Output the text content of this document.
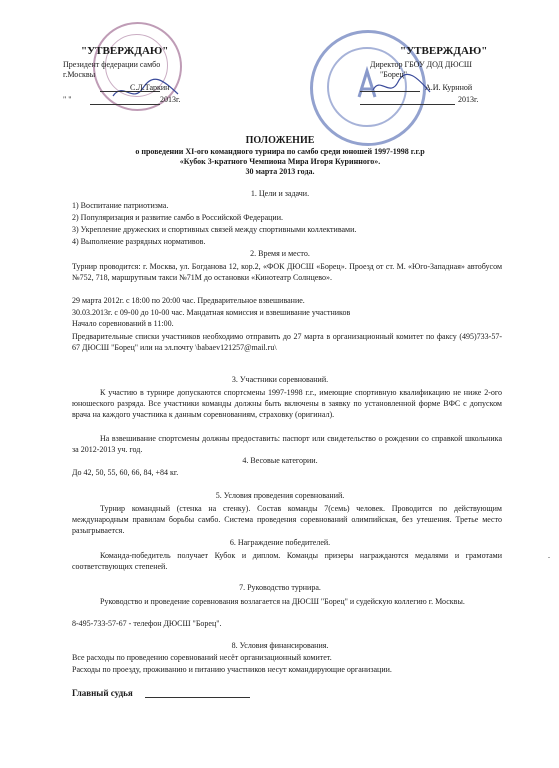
"УТВЕРЖДАЮ"
Президент федерации самбо
г.Москвы
С.Л.Таркин
" "	2013г.
"УТВЕРЖДАЮ"
Директор ГБОУ ДОД ДЮСШ
"Борец"
А.И. Курнной
2013г.
ПОЛОЖЕНИЕ
о проведении XI-ого командного турнира по самбо среди юношей 1997-1998 г.г.р
«Кубок 3-кратного Чемпиона Мира Игоря Куринного».
30 марта 2013 года.
1. Цели и задачи.
1) Воспитание патриотизма.
2) Популяризация и развитие самбо в Российской Федерации.
3) Укрепление дружеских и спортивных связей между спортивными коллективами.
4) Выполнение разрядных нормативов.
2. Время и место.
Турнир проводится: г. Москва, ул. Богданова 12, кор.2, «ФОК ДЮСШ «Борец». Проезд от ст. М. «Юго-Западная» автобусом №752, 718, маршрутным такси №71М до остановки «Кинотеатр Солнцево».
29 марта 2012г. с 18:00 по 20:00 час. Предварительное взвешивание.
30.03.2013г. с 09-00 до 10-00 час. Мандатная комиссия и взвешивание участников
Начало соревнований в 11:00.
Предварительные списки участников необходимо отправить до 27 марта в организационный комитет по факсу (495)733-57-67 ДЮСШ "Борец" или на эл.почту \babaev121257@mail.ru\
3. Участники соревнований.
К участию в турнире допускаются спортсмены 1997-1998 г.г., имеющие спортивную квалификацию не ниже 2-ого юношеского разряда. Все участники команды должны быть включены в заявку по установленной форме ВФС с допуском врача на каждого участника к данным соревнованиям, страховку (оригинал).
На взвешивание спортсмены должны предоставить: паспорт или свидетельство о рождении со справкой школьника за 2012-2013 уч. год.
4. Весовые категории.
До 42, 50, 55, 60, 66, 84, +84 кг.
5. Условия проведения соревнований.
Турнир командный (стенка на стенку). Состав команды 7(семь) человек. Проводится по действующим международным правилам борьбы самбо. Система проведения соревнований олимпийская, без утешения. Третье место разыгрывается.
6. Награждение победителей.
Команда-победитель получает Кубок и диплом. Команды призеры награждаются медалями и грамотами соответствующих степеней.
.
7. Руководство турнира.
Руководство и проведение соревнования возлагается на ДЮСШ "Борец" и судейскую коллегию г. Москвы.
8-495-733-57-67 - телефон ДЮСШ "Борец".
8. Условия финансирования.
Все расходы по проведению соревнований несёт организационный комитет.
Расходы по проезду, проживанию и питанию участников несут командирующие организации.
Главный судья
